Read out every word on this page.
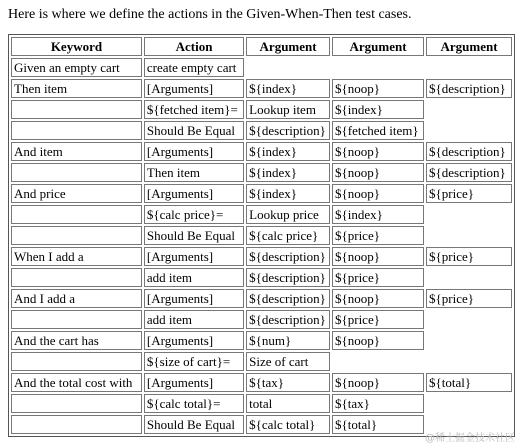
Here is where we define the actions in the Given-When-Then test cases.
Keyword	Action	Argument	Argument	Argument
Given an empty cart	create empty cart			
Then item	[Arguments]	${index}	${noop}	${description}
	${fetched item}=	Lookup item	${index}	
	Should Be Equal	${description}	${fetched item}	
And item	[Arguments]	${index}	${noop}	${description}
	Then item	${index}	${noop}	${description}
And price	[Arguments]	${index}	${noop}	${price}
	${calc price}=	Lookup price	${index}	
	Should Be Equal	${calc price}	${price}	
When I add a	[Arguments]	${description}	${noop}	${price}
	add item	${description}	${price}	
And I add a	[Arguments]	${description}	${noop}	${price}
	add item	${description}	${price}	
And the cart has	[Arguments]	${num}	${noop}	
	${size of cart}=	Size of cart		
And the total cost with	[Arguments]	${tax}	${noop}	${total}
	${calc total}=	total	${tax}	
	Should Be Equal	${calc total}	${total}	
@稀土掘金技术社区
